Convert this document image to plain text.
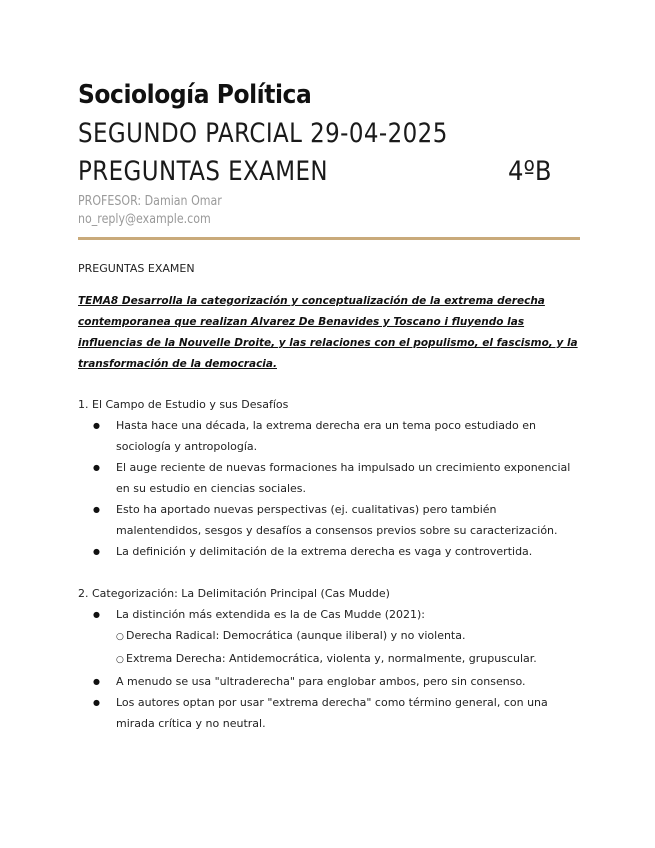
Sociología Política
SEGUNDO PARCIAL 29-04-2025
PREGUNTAS EXAMEN	4ºB
PROFESOR: Damian Omar
no_reply@example.com
PREGUNTAS EXAMEN
TEMA8 Desarrolla la categorización y conceptualización de la extrema derecha contemporanea que realizan Alvarez De Benavides y Toscano i fluyendo las influencias de la Nouvelle Droite, y las relaciones con el populismo, el fascismo, y la transformación de la democracia.
1. El Campo de Estudio y sus Desafíos
● Hasta hace una década, la extrema derecha era un tema poco estudiado en sociología y antropología.
● El auge reciente de nuevas formaciones ha impulsado un crecimiento exponencial en su estudio en ciencias sociales.
● Esto ha aportado nuevas perspectivas (ej. cualitativas) pero también malentendidos, sesgos y desafíos a consensos previos sobre su caracterización.
● La definición y delimitación de la extrema derecha es vaga y controvertida.
2. Categorización: La Delimitación Principal (Cas Mudde)
● La distinción más extendida es la de Cas Mudde (2021):
○ Derecha Radical: Democrática (aunque iliberal) y no violenta.
○ Extrema Derecha: Antidemocrática, violenta y, normalmente, grupuscular.
● A menudo se usa "ultraderecha" para englobar ambos, pero sin consenso.
● Los autores optan por usar "extrema derecha" como término general, con una mirada crítica y no neutral.
